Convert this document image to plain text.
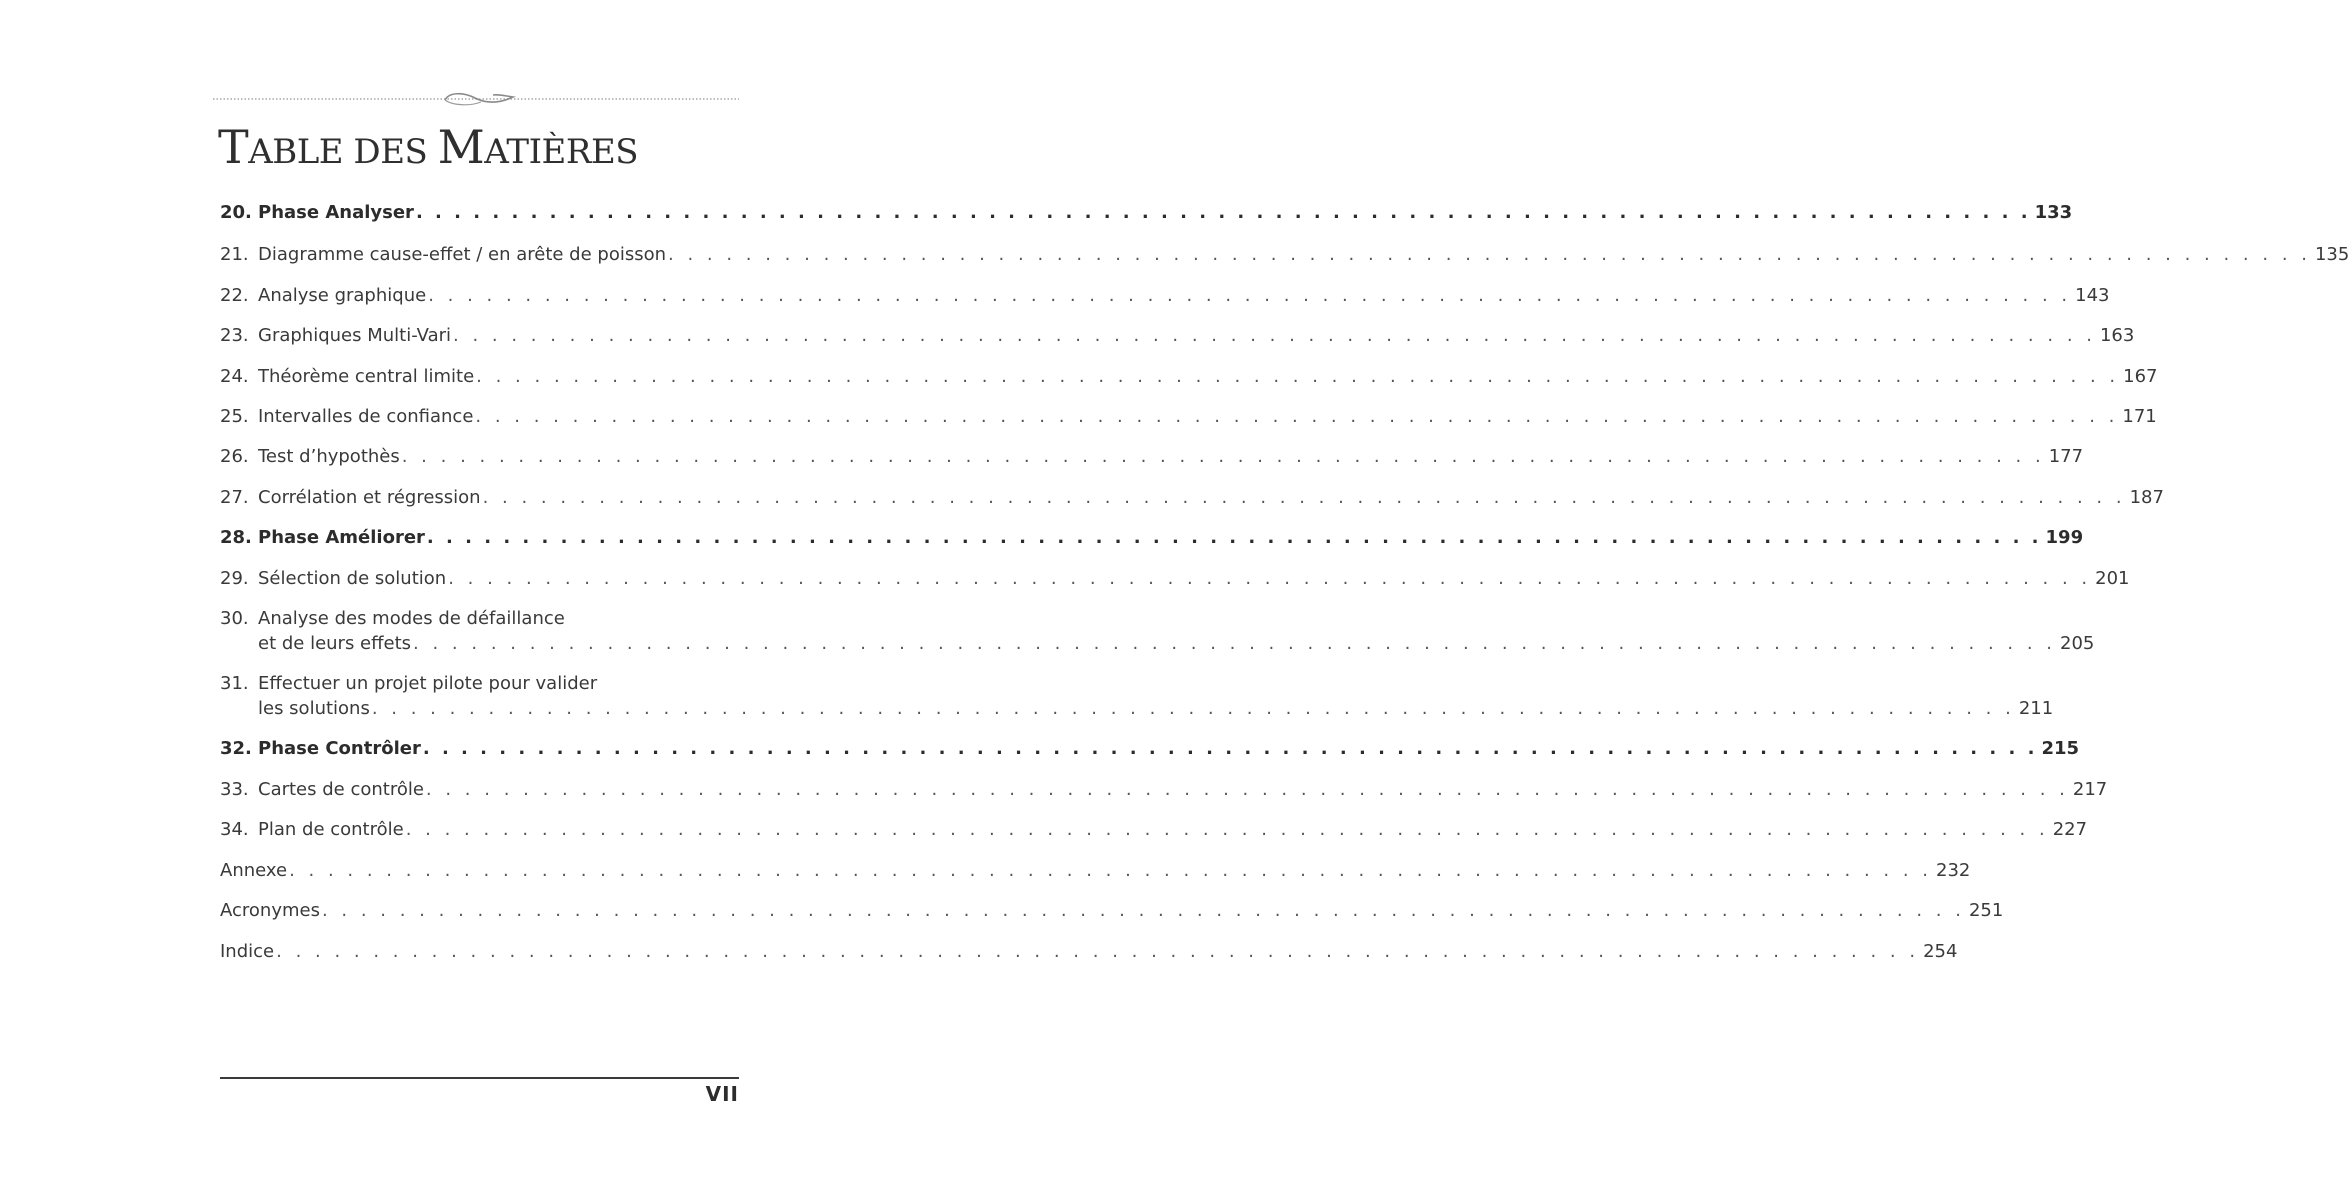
TABLE DES MATIÈRES
20. Phase Analyser . . . . . . . . . . . . . . . . . . . . . . . . . . . . . . . . . . . . . . . . . . . . . . . . . . . . . . . . . . . . . . . . . . . . . . . . . . . . . . . . . . . . . 133
21. Diagramme cause-effet / en arête de poisson . . . . . . . . . . . . . . . . . . . . . . . . . . . . . . . . . . . . . . . . . . . . . . . . . . . . . . . . . . . . . . . . . . . . . . . . . . . . . . . . . . . . . 135
22. Analyse graphique . . . . . . . . . . . . . . . . . . . . . . . . . . . . . . . . . . . . . . . . . . . . . . . . . . . . . . . . . . . . . . . . . . . . . . . . . . . . . . . . . . . . . 143
23. Graphiques Multi-Vari . . . . . . . . . . . . . . . . . . . . . . . . . . . . . . . . . . . . . . . . . . . . . . . . . . . . . . . . . . . . . . . . . . . . . . . . . . . . . . . . . . . . . 163
24. Théorème central limite . . . . . . . . . . . . . . . . . . . . . . . . . . . . . . . . . . . . . . . . . . . . . . . . . . . . . . . . . . . . . . . . . . . . . . . . . . . . . . . . . . . . . 167
25. Intervalles de confiance . . . . . . . . . . . . . . . . . . . . . . . . . . . . . . . . . . . . . . . . . . . . . . . . . . . . . . . . . . . . . . . . . . . . . . . . . . . . . . . . . . . . . 171
26. Test d’hypothès . . . . . . . . . . . . . . . . . . . . . . . . . . . . . . . . . . . . . . . . . . . . . . . . . . . . . . . . . . . . . . . . . . . . . . . . . . . . . . . . . . . . . 177
27. Corrélation et régression . . . . . . . . . . . . . . . . . . . . . . . . . . . . . . . . . . . . . . . . . . . . . . . . . . . . . . . . . . . . . . . . . . . . . . . . . . . . . . . . . . . . . 187
28. Phase Améliorer . . . . . . . . . . . . . . . . . . . . . . . . . . . . . . . . . . . . . . . . . . . . . . . . . . . . . . . . . . . . . . . . . . . . . . . . . . . . . . . . . . . . . 199
29. Sélection de solution . . . . . . . . . . . . . . . . . . . . . . . . . . . . . . . . . . . . . . . . . . . . . . . . . . . . . . . . . . . . . . . . . . . . . . . . . . . . . . . . . . . . . 201
30. Analyse des modes de défaillance
et de leurs effets . . . . . . . . . . . . . . . . . . . . . . . . . . . . . . . . . . . . . . . . . . . . . . . . . . . . . . . . . . . . . . . . . . . . . . . . . . . . . . . . . . . . . 205
31. Effectuer un projet pilote pour valider
les solutions . . . . . . . . . . . . . . . . . . . . . . . . . . . . . . . . . . . . . . . . . . . . . . . . . . . . . . . . . . . . . . . . . . . . . . . . . . . . . . . . . . . . . 211
32. Phase Contrôler . . . . . . . . . . . . . . . . . . . . . . . . . . . . . . . . . . . . . . . . . . . . . . . . . . . . . . . . . . . . . . . . . . . . . . . . . . . . . . . . . . . . . 215
33. Cartes de contrôle . . . . . . . . . . . . . . . . . . . . . . . . . . . . . . . . . . . . . . . . . . . . . . . . . . . . . . . . . . . . . . . . . . . . . . . . . . . . . . . . . . . . . 217
34. Plan de contrôle . . . . . . . . . . . . . . . . . . . . . . . . . . . . . . . . . . . . . . . . . . . . . . . . . . . . . . . . . . . . . . . . . . . . . . . . . . . . . . . . . . . . . 227
Annexe . . . . . . . . . . . . . . . . . . . . . . . . . . . . . . . . . . . . . . . . . . . . . . . . . . . . . . . . . . . . . . . . . . . . . . . . . . . . . . . . . . . . . 232
Acronymes . . . . . . . . . . . . . . . . . . . . . . . . . . . . . . . . . . . . . . . . . . . . . . . . . . . . . . . . . . . . . . . . . . . . . . . . . . . . . . . . . . . . . 251
Indice . . . . . . . . . . . . . . . . . . . . . . . . . . . . . . . . . . . . . . . . . . . . . . . . . . . . . . . . . . . . . . . . . . . . . . . . . . . . . . . . . . . . . 254
VII
